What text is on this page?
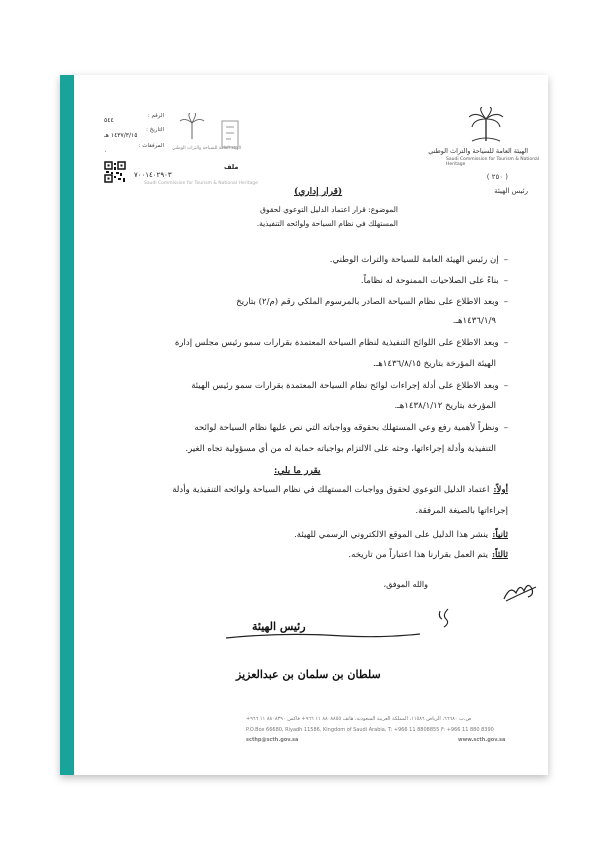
الهيئة العامة للسياحة والتراث الوطني
Saudi Commission for Tourism & National Heritage
( ٢٥٠ )
رئيس الهيئة
الرقم :
٥٤٤
التاريخ :
١٤٣٧/٣/١٥ هـ
المرفقات :
٠	الهيئة العامة للسياحة والتراث الوطني
ملف
٧٠٠١٤٠٢٩٠٣
Saudi Commission for Tourism & National Heritage
(قرار إداري)
الموضوع: قرار اعتماد الدليل التوعوي لحقوق
المستهلك في نظام السياحة ولوائحه التنفيذية.
–إن رئيس الهيئة العامة للسياحة والتراث الوطني.
–بناءً على الصلاحيات الممنوحة له نظاماً.
–وبعد الاطلاع على نظام السياحة الصادر بالمرسوم الملكي رقم (م/٢) بتاريخ
١٤٣٦/١/٩هـ.
–وبعد الاطلاع على اللوائح التنفيذية لنظام السياحة المعتمدة بقرارات سمو رئيس مجلس إدارة
الهيئة المؤرخة بتاريخ ١٤٣٦/٨/١٥هـ.
–وبعد الاطلاع على أدلة إجراءات لوائح نظام السياحة المعتمدة بقرارات سمو رئيس الهيئة
المؤرخة بتاريخ ١٤٣٨/١/١٢هـ.
–ونظراً لأهمية رفع وعي المستهلك بحقوقه وواجباته التي نص عليها نظام السياحة لوائحه
التنفيذية وأدلة إجراءاتها، وحثه على الالتزام بواجباته حماية له من أي مسؤولية تجاه الغير.
يقرر ما يلي:
أولاً:اعتماد الدليل التوعوي لحقوق وواجبات المستهلك في نظام السياحة ولوائحه التنفيذية وأدلة
إجراءاتها بالصيغة المرفقة.
ثانياً:ينشر هذا الدليل على الموقع الالكتروني الرسمي للهيئة.
ثالثاً:يتم العمل بقرارنا هذا اعتباراً من تاريخه.
والله الموفق،
رئيس الهيئة
سلطان بن سلمان بن عبدالعزيز
ص.ب ٦٦٦٨٠، الرياض ١١٥٨٦، المملكة العربية السعودية، هاتف ٨٨٠٨٨٥٥ ١١ ٩٦٦+ فاكس ٨٨٠٨٣٩٠ ١١ ٩٦٦+
P.O.Box 66680, Riyadh 11586, Kingdom of Saudi Arabia, T: +966 11 8808855 F: +966 11 880 8390
scthp@scth.gov.sa	www.scth.gov.sa
